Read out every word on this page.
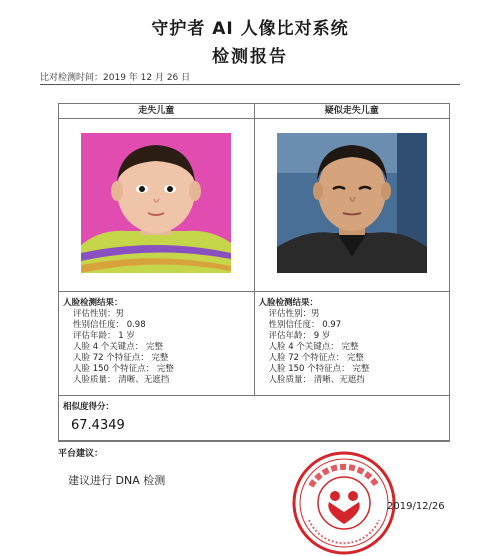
守护者 AI 人像比对系统
检测报告
比对检测时间：2019 年 12 月 26 日
走失儿童	疑似走失儿童
人脸检测结果：
评估性别：男
性别信任度： 0.98
评估年龄： 1 岁
人脸 4 个关键点： 完整
人脸 72 个特征点： 完整
人脸 150 个特征点： 完整
人脸质量： 清晰、无遮挡
人脸检测结果：
评估性别：男
性别信任度： 0.97
评估年龄： 9 岁
人脸 4 个关键点： 完整
人脸 72 个特征点： 完整
人脸 150 个特征点： 完整
人脸质量： 清晰、无遮挡
相似度得分：
67.4349
平台建议：
建议进行 DNA 检测
2019/12/26
